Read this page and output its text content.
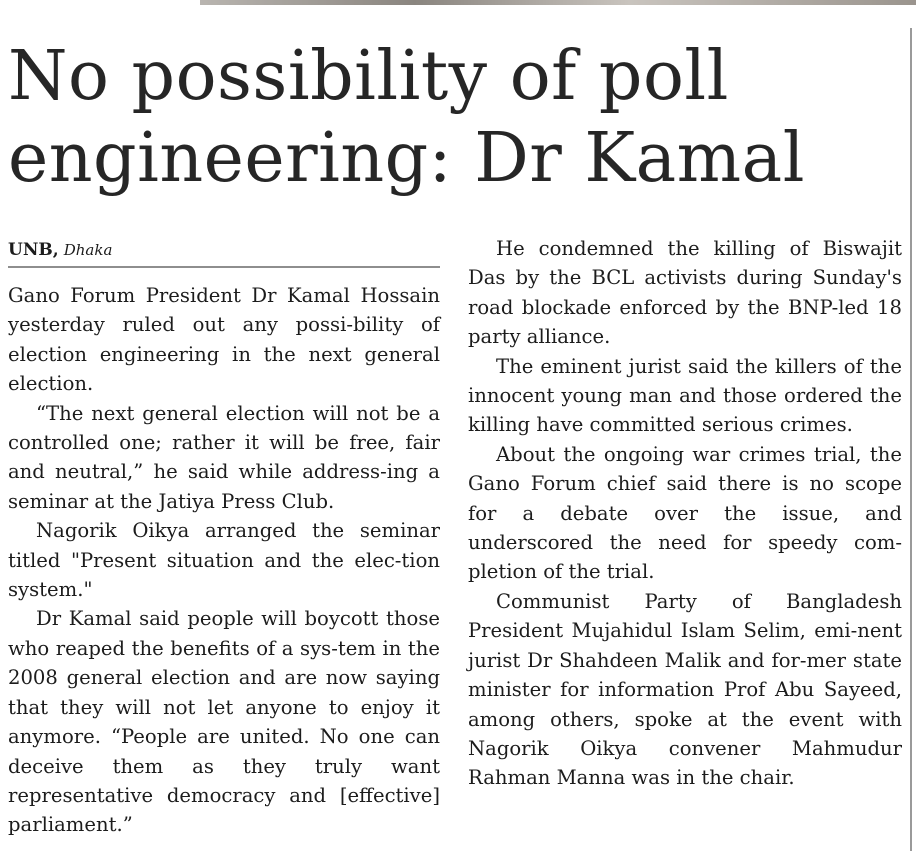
No possibility of poll
engineering: Dr Kamal
UNB, Dhaka

Gano Forum President Dr Kamal Hossain yesterday ruled out any possi-bility of election engineering in the next general election.

“The next general election will not be a controlled one; rather it will be free, fair and neutral,” he said while address-ing a seminar at the Jatiya Press Club.

Nagorik Oikya arranged the seminar titled "Present situation and the elec-tion system."

Dr Kamal said people will boycott those who reaped the benefits of a sys-tem in the 2008 general election and are now saying that they will not let anyone to enjoy it anymore. “People are united. No one can deceive them as they truly want representative democracy and [effective] parliament.”

He condemned the killing of Biswajit Das by the BCL activists during Sunday's road blockade enforced by the BNP-led 18 party alliance.

The eminent jurist said the killers of the innocent young man and those ordered the killing have committed serious crimes.

About the ongoing war crimes trial, the Gano Forum chief said there is no scope for a debate over the issue, and underscored the need for speedy com-pletion of the trial.

Communist Party of Bangladesh President Mujahidul Islam Selim, emi-nent jurist Dr Shahdeen Malik and for-mer state minister for information Prof Abu Sayeed, among others, spoke at the event with Nagorik Oikya convener Mahmudur Rahman Manna was in the chair.
